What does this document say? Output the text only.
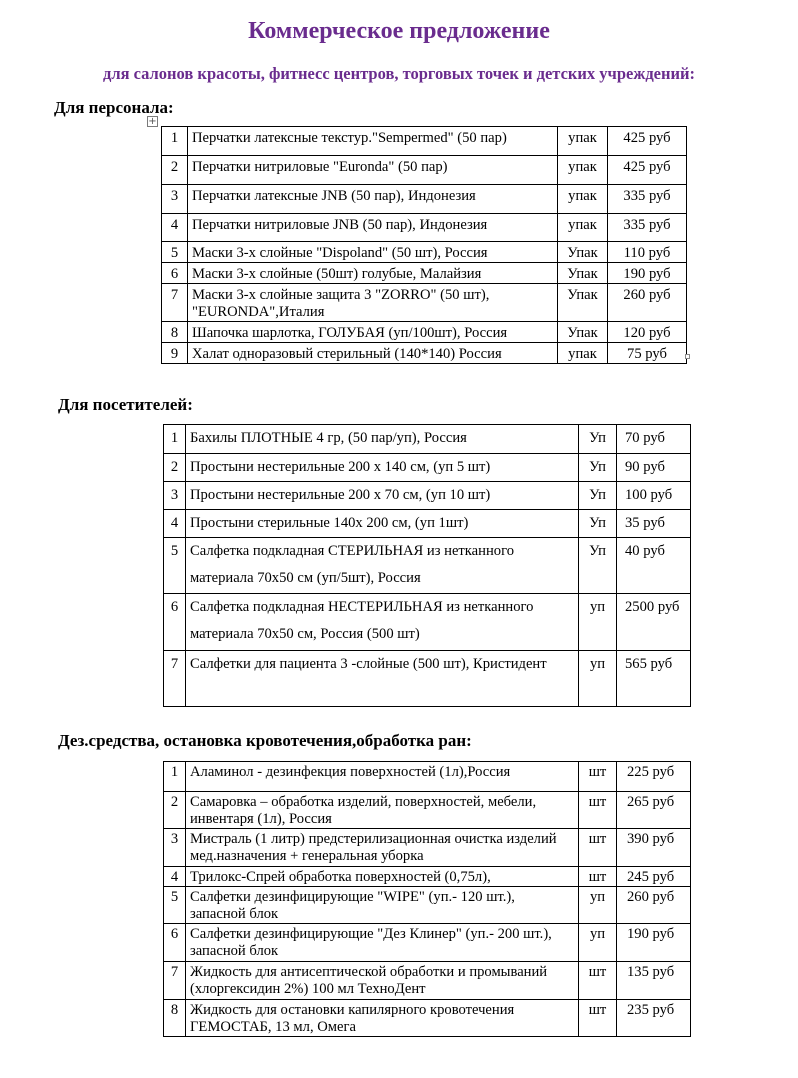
Коммерческое предложение
для салонов красоты, фитнесс центров, торговых точек и детских учреждений:
Для персонала:
+
1	Перчатки латексные текстур."Sempermed" (50 пар)	упак	425 руб
2	Перчатки нитриловые "Euronda" (50 пар)	упак	425 руб
3	Перчатки латексные JNB (50 пар), Индонезия	упак	335 руб
4	Перчатки нитриловые JNB (50 пар), Индонезия	упак	335 руб
5	Маски 3-х слойные "Dispoland" (50 шт), Россия	Упак	110 руб
6	Маски 3-х слойные (50шт) голубые, Малайзия	Упак	190 руб
7	Маски 3-х слойные защита 3 "ZORRO" (50 шт), "EURONDA",Италия	Упак	260 руб
8	Шапочка шарлотка, ГОЛУБАЯ (уп/100шт), Россия	Упак	120 руб
9	Халат одноразовый стерильный (140*140) Россия	упак	75 руб
Для посетителей:
1	Бахилы ПЛОТНЫЕ 4 гр, (50 пар/уп), Россия	Уп	70 руб
2	Простыни нестерильные 200 х 140 см, (уп 5 шт)	Уп	90 руб
3	Простыни нестерильные 200 х 70 см, (уп 10 шт)	Уп	100 руб
4	Простыни стерильные 140х 200 см, (уп 1шт)	Уп	35 руб
5	Салфетка подкладная СТЕРИЛЬНАЯ из нетканного материала 70х50 см (уп/5шт), Россия	Уп	40 руб
6	Салфетка подкладная НЕСТЕРИЛЬНАЯ из нетканного материала 70х50 см, Россия (500 шт)	уп	2500 руб
7	Салфетки для пациента 3 -слойные (500 шт), Кристидент	уп	565 руб
Дез.средства, остановка кровотечения,обработка ран:
1	Аламинол - дезинфекция поверхностей (1л),Россия	шт	225 руб
2	Самаровка – обработка изделий, поверхностей, мебели, инвентаря (1л), Россия	шт	265 руб
3	Мистраль (1 литр) предстерилизационная очистка изделий мед.назначения + генеральная уборка	шт	390 руб
4	Трилокс-Спрей обработка поверхностей (0,75л),	шт	245 руб
5	Салфетки дезинфицирующие "WIPE" (уп.- 120 шт.), запасной блок	уп	260 руб
6	Салфетки дезинфицирующие "Дез Клинер" (уп.- 200 шт.), запасной блок	уп	190 руб
7	Жидкость для антисептической обработки и промываний (хлоргексидин 2%) 100 мл ТехноДент	шт	135 руб
8	Жидкость для остановки капилярного кровотечения ГЕМОСТАБ, 13 мл, Омега	шт	235 руб
